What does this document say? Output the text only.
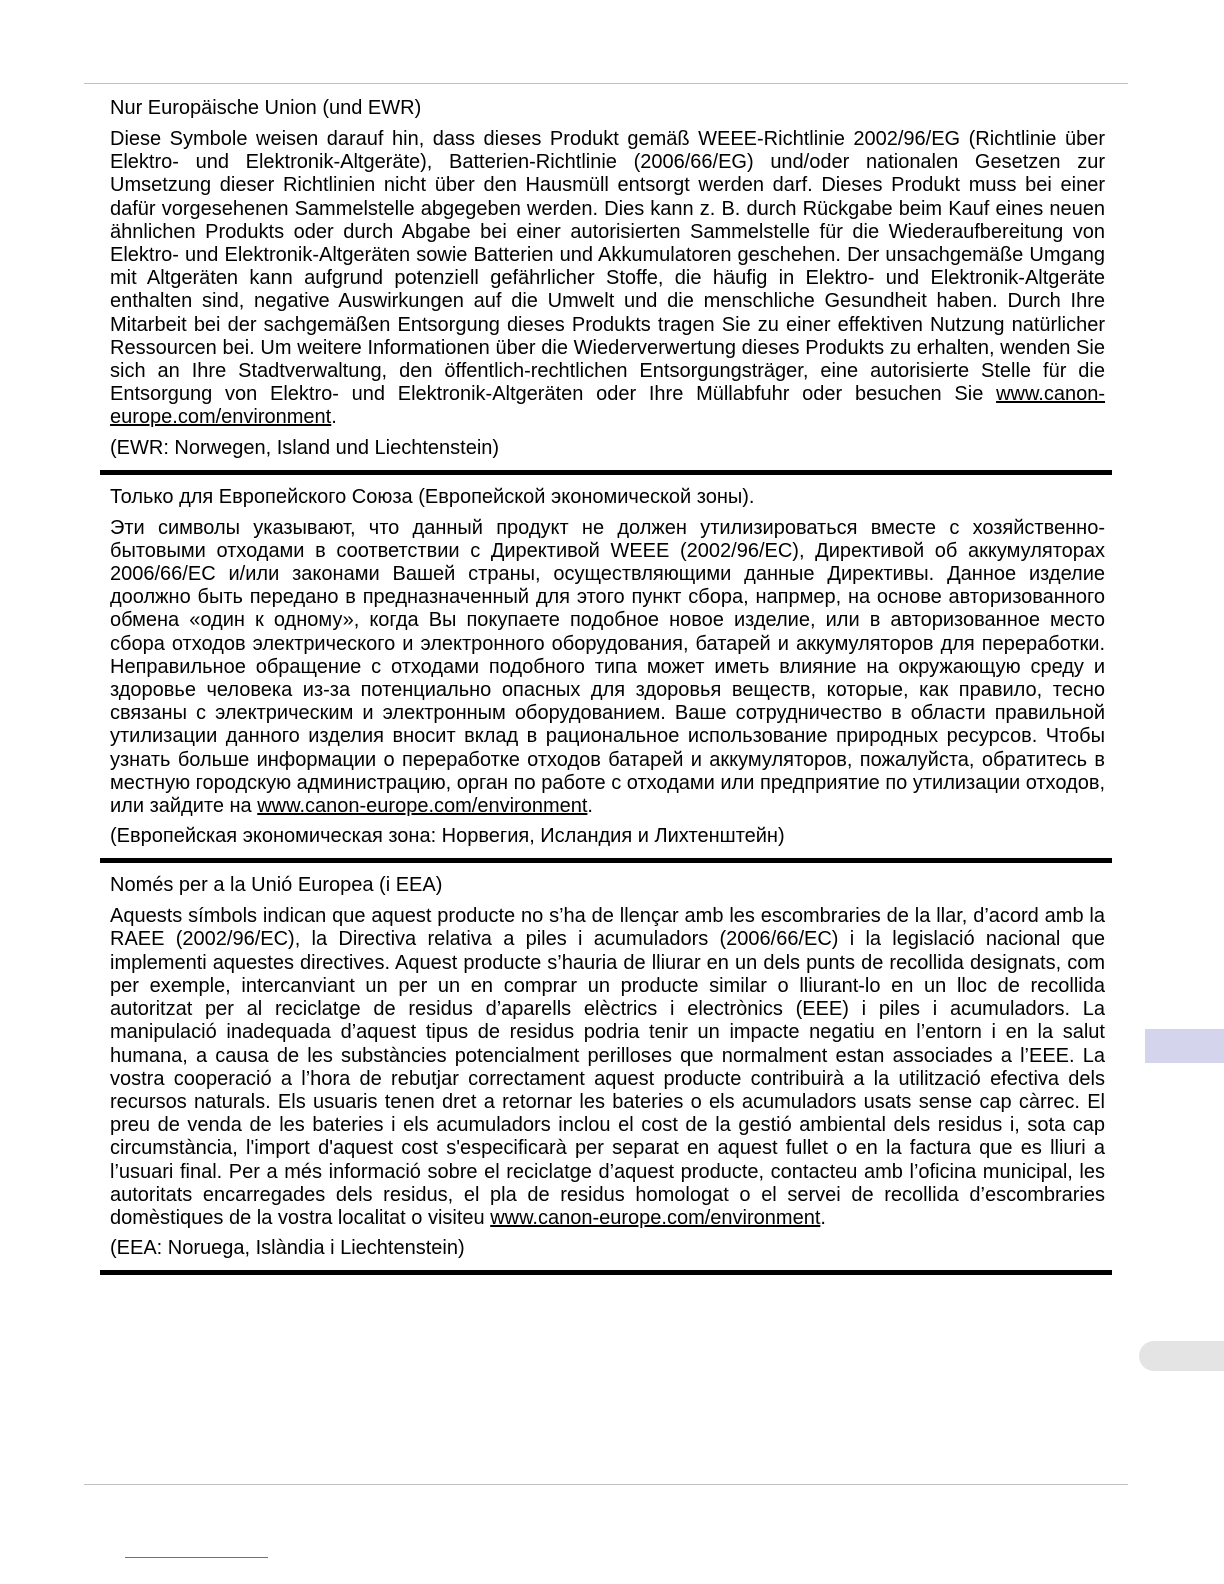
Nur Europäische Union (und EWR)

Diese Symbole weisen darauf hin, dass dieses Produkt gemäß WEEE-Richtlinie 2002/96/EG (Richtlinie über Elektro- und Elektronik-Altgeräte), Batterien-Richtlinie (2006/66/EG) und/oder nationalen Gesetzen zur Umsetzung dieser Richtlinien nicht über den Hausmüll entsorgt werden darf. Dieses Produkt muss bei einer dafür vorgesehenen Sammelstelle abgegeben werden. Dies kann z. B. durch Rückgabe beim Kauf eines neuen ähnlichen Produkts oder durch Abgabe bei einer autorisierten Sammelstelle für die Wiederaufbereitung von Elektro- und Elektronik-Altgeräten sowie Batterien und Akkumulatoren geschehen. Der unsachgemäße Umgang mit Altgeräten kann aufgrund potenziell gefährlicher Stoffe, die häufig in Elektro- und Elektronik-Altgeräte enthalten sind, negative Auswirkungen auf die Umwelt und die menschliche Gesundheit haben. Durch Ihre Mitarbeit bei der sachgemäßen Entsorgung dieses Produkts tragen Sie zu einer effektiven Nutzung natürlicher Ressourcen bei. Um weitere Informationen über die Wiederverwertung dieses Produkts zu erhalten, wenden Sie sich an Ihre Stadtverwaltung, den öffentlich-rechtlichen Entsorgungsträger, eine autorisierte Stelle für die Entsorgung von Elektro- und Elektronik-Altgeräten oder Ihre Müllabfuhr oder besuchen Sie www.canon-europe.com/environment.

(EWR: Norwegen, Island und Liechtenstein)

Только для Европейского Союза (Европейской экономической зоны).

Эти символы указывают, что данный продукт не должен утилизироваться вместе с хозяйственно-бытовыми отходами в соответствии с Директивой WEEE (2002/96/EC), Директивой об аккумуляторах 2006/66/EC и/или законами Вашей страны, осуществляющими данные Директивы. Данное изделие доолжно быть передано в предназначенный для этого пункт сбора, напрмер, на основе авторизованного обмена «один к одному», когда Вы покупаете подобное новое изделие, или в авторизованное место сбора отходов электрического и электронного оборудования, батарей и аккумуляторов для переработки. Неправильное обращение с отходами подобного типа может иметь влияние на окружающую среду и здоровье человека из-за потенциально опасных для здоровья веществ, которые, как правило, тесно связаны с электрическим и электронным оборудованием. Ваше сотрудничество в области правильной утилизации данного изделия вносит вклад в рациональное использование природных ресурсов. Чтобы узнать больше информации о переработке отходов батарей и аккумуляторов, пожалуйста, обратитесь в местную городскую администрацию, орган по работе с отходами или предприятие по утилизации отходов, или зайдите на www.canon-europe.com/environment.

(Европейская экономическая зона: Норвегия, Исландия и Лихтенштейн)

Només per a la Unió Europea (i EEA)

Aquests símbols indican que aquest producte no s’ha de llençar amb les escombraries de la llar, d’acord amb la RAEE (2002/96/EC), la Directiva relativa a piles i acumuladors (2006/66/EC) i la legislació nacional que implementi aquestes directives. Aquest producte s’hauria de lliurar en un dels punts de recollida designats, com per exemple, intercanviant un per un en comprar un producte similar o lliurant-lo en un lloc de recollida autoritzat per al reciclatge de residus d’aparells elèctrics i electrònics (EEE) i piles i acumuladors. La manipulació inadequada d’aquest tipus de residus podria tenir un impacte negatiu en l’entorn i en la salut humana, a causa de les substàncies potencialment perilloses que normalment estan associades a l’EEE. La vostra cooperació a l’hora de rebutjar correctament aquest producte contribuirà a la utilització efectiva dels recursos naturals. Els usuaris tenen dret a retornar les bateries o els acumuladors usats sense cap càrrec. El preu de venda de les bateries i els acumuladors inclou el cost de la gestió ambiental dels residus i, sota cap circumstància, l'import d'aquest cost s'especificarà per separat en aquest fullet o en la factura que es lliuri a l’usuari final. Per a més informació sobre el reciclatge d’aquest producte, contacteu amb l’oficina municipal, les autoritats encarregades dels residus, el pla de residus homologat o el servei de recollida d’escombraries domèstiques de la vostra localitat o visiteu www.canon-europe.com/environment.

(EEA: Noruega, Islàndia i Liechtenstein)
